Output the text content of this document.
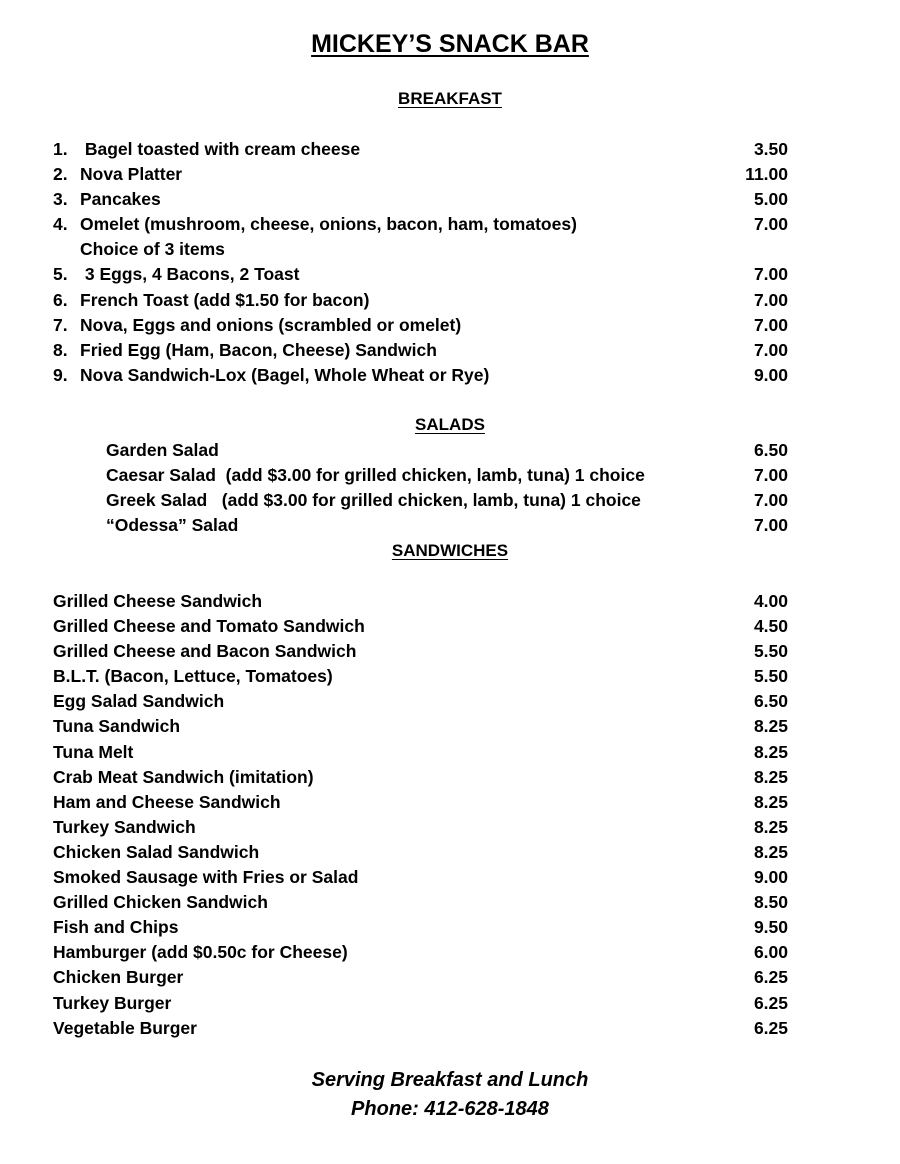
MICKEY’S SNACK BAR
BREAKFAST
1. Bagel toasted with cream cheese	3.50
2. Nova Platter	11.00
3. Pancakes	5.00
4. Omelet (mushroom, cheese, onions, bacon, ham, tomatoes)	7.00
Choice of 3 items
5. 3 Eggs, 4 Bacons, 2 Toast	7.00
6. French Toast (add $1.50 for bacon)	7.00
7. Nova, Eggs and onions (scrambled or omelet)	7.00
8. Fried Egg (Ham, Bacon, Cheese) Sandwich	7.00
9. Nova Sandwich-Lox (Bagel, Whole Wheat or Rye)	9.00
SALADS
Garden Salad	6.50
Caesar Salad  (add $3.00 for grilled chicken, lamb, tuna) 1 choice	7.00
Greek Salad   (add $3.00 for grilled chicken, lamb, tuna) 1 choice	7.00
“Odessa” Salad	7.00
SANDWICHES
Grilled Cheese Sandwich	4.00
Grilled Cheese and Tomato Sandwich	4.50
Grilled Cheese and Bacon Sandwich	5.50
B.L.T. (Bacon, Lettuce, Tomatoes)	5.50
Egg Salad Sandwich	6.50
Tuna Sandwich	8.25
Tuna Melt	8.25
Crab Meat Sandwich (imitation)	8.25
Ham and Cheese Sandwich	8.25
Turkey Sandwich	8.25
Chicken Salad Sandwich	8.25
Smoked Sausage with Fries or Salad	9.00
Grilled Chicken Sandwich	8.50
Fish and Chips	9.50
Hamburger (add $0.50c for Cheese)	6.00
Chicken Burger	6.25
Turkey Burger	6.25
Vegetable Burger	6.25
Serving Breakfast and Lunch
Phone: 412-628-1848
